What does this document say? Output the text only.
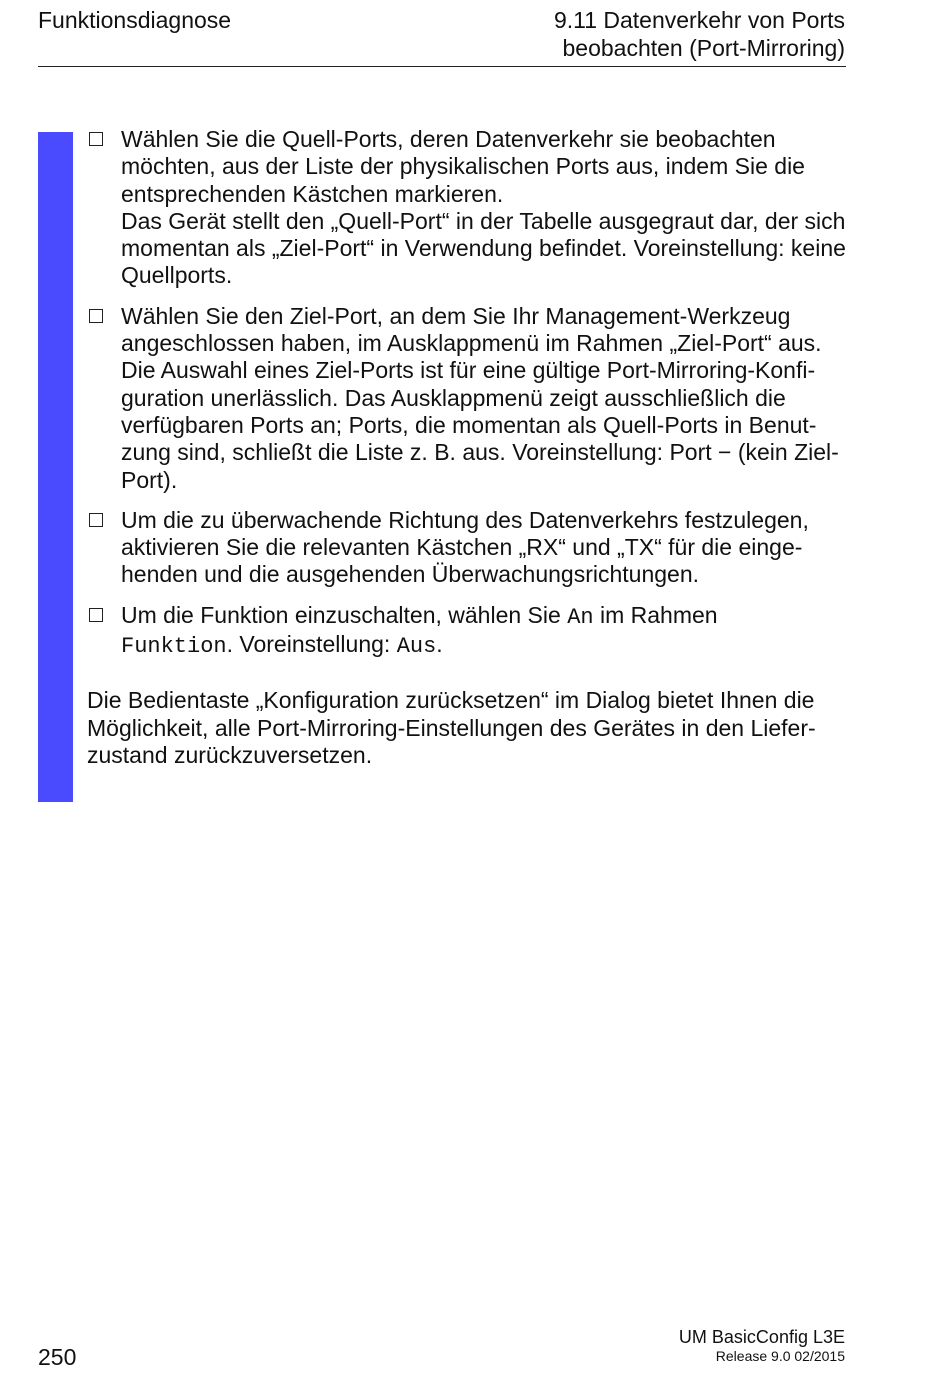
Funktionsdiagnose	9.11 Datenverkehr von Ports
beobachten (Port-Mirroring)
Wählen Sie die Quell-Ports, deren Datenverkehr sie beobachten möchten, aus der Liste der physikalischen Ports aus, indem Sie die entsprechenden Kästchen markieren.
Das Gerät stellt den „Quell-Port“ in der Tabelle ausgegraut dar, der sich momentan als „Ziel-Port“ in Verwendung befindet. Voreinstellung: keine Quellports.
Wählen Sie den Ziel-Port, an dem Sie Ihr Management-Werkzeug angeschlossen haben, im Ausklappmenü im Rahmen „Ziel-Port“ aus. Die Auswahl eines Ziel-Ports ist für eine gültige Port-Mirroring-Konfiguration unerlässlich. Das Ausklappmenü zeigt ausschließlich die verfügbaren Ports an; Ports, die momentan als Quell-Ports in Benutzung sind, schließt die Liste z. B. aus. Voreinstellung: Port − (kein Ziel-Port).
Um die zu überwachende Richtung des Datenverkehrs festzulegen, aktivieren Sie die relevanten Kästchen „RX“ und „TX“ für die eingehenden und die ausgehenden Überwachungsrichtungen.
Um die Funktion einzuschalten, wählen Sie An im Rahmen
Funktion. Voreinstellung: Aus.
Die Bedientaste „Konfiguration zurücksetzen“ im Dialog bietet Ihnen die Möglichkeit, alle Port-Mirroring-Einstellungen des Gerätes in den Lieferzustand zurückzuversetzen.
250
UM BasicConfig L3E
Release 9.0 02/2015
